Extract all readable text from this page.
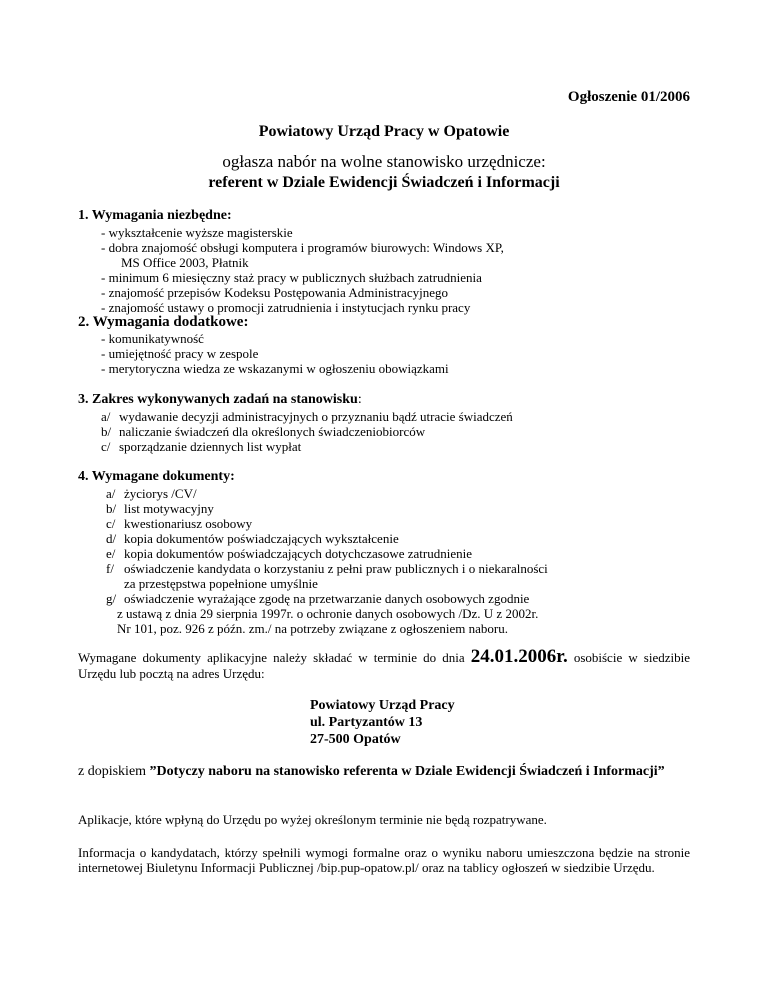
Ogłoszenie 01/2006
Powiatowy Urząd Pracy w Opatowie
ogłasza nabór na wolne stanowisko urzędnicze:
referent w Dziale Ewidencji Świadczeń i Informacji
1. Wymagania niezbędne:
- wykształcenie wyższe magisterskie
- dobra znajomość obsługi komputera i programów biurowych: Windows XP,
MS Office 2003, Płatnik
- minimum 6 miesięczny staż pracy w publicznych służbach zatrudnienia
- znajomość przepisów Kodeksu Postępowania Administracyjnego
- znajomość ustawy o promocji zatrudnienia i instytucjach rynku pracy
2. Wymagania dodatkowe:
- komunikatywność
- umiejętność pracy w zespole
- merytoryczna wiedza ze wskazanymi w ogłoszeniu obowiązkami
3. Zakres wykonywanych zadań na stanowisku:
a/ wydawanie decyzji administracyjnych o przyznaniu bądź utracie świadczeń
b/ naliczanie świadczeń dla określonych świadczeniobiorców
c/ sporządzanie dziennych list wypłat
4. Wymagane dokumenty:
a/ życiorys /CV/
b/ list motywacyjny
c/ kwestionariusz osobowy
d/ kopia dokumentów poświadczających wykształcenie
e/ kopia dokumentów poświadczających dotychczasowe zatrudnienie
f/ oświadczenie kandydata o korzystaniu z pełni praw publicznych i o niekaralności
za przestępstwa popełnione umyślnie
g/ oświadczenie wyrażające zgodę na przetwarzanie danych osobowych zgodnie
z ustawą z dnia 29 sierpnia 1997r. o ochronie danych osobowych /Dz. U z 2002r.
Nr 101, poz. 926 z późn. zm./ na potrzeby związane z ogłoszeniem naboru.
Wymagane dokumenty aplikacyjne należy składać w terminie do dnia 24.01.2006r. osobiście w siedzibie Urzędu lub pocztą na adres Urzędu:
Powiatowy Urząd Pracy
ul. Partyzantów 13
27-500 Opatów
z dopiskiem ”Dotyczy naboru na stanowisko referenta w Dziale Ewidencji Świadczeń i Informacji”
Aplikacje, które wpłyną do Urzędu po wyżej określonym terminie nie będą rozpatrywane.
Informacja o kandydatach, którzy spełnili wymogi formalne oraz o wyniku naboru umieszczona będzie na stronie internetowej Biuletynu Informacji Publicznej /bip.pup-opatow.pl/ oraz na tablicy ogłoszeń w siedzibie Urzędu.
